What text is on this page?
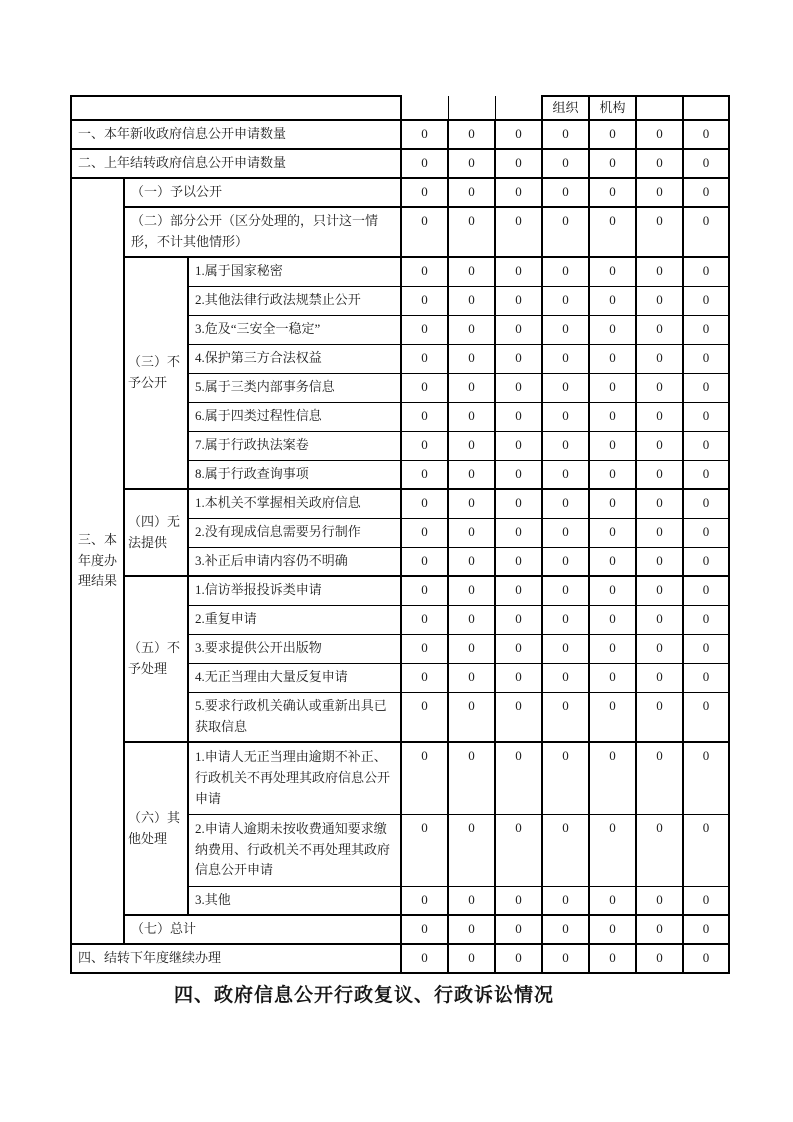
						组织	机构		
一、本年新收政府信息公开申请数量			0	0	0	0	0	0	0
二、上年结转政府信息公开申请数量			0	0	0	0	0	0	0
三、本年度办理结果	（一）予以公开		0	0	0	0	0	0	0
	（二）部分公开（区分处理的，只计这一情形，不计其他情形）		0	0	0	0	0	0	0
	（三）不予公开	1.属于国家秘密	0	0	0	0	0	0	0
		2.其他法律行政法规禁止公开	0	0	0	0	0	0	0
		3.危及“三安全一稳定”	0	0	0	0	0	0	0
		4.保护第三方合法权益	0	0	0	0	0	0	0
		5.属于三类内部事务信息	0	0	0	0	0	0	0
		6.属于四类过程性信息	0	0	0	0	0	0	0
		7.属于行政执法案卷	0	0	0	0	0	0	0
		8.属于行政查询事项	0	0	0	0	0	0	0
	（四）无法提供	1.本机关不掌握相关政府信息	0	0	0	0	0	0	0
		2.没有现成信息需要另行制作	0	0	0	0	0	0	0
		3.补正后申请内容仍不明确	0	0	0	0	0	0	0
	（五）不予处理	1.信访举报投诉类申请	0	0	0	0	0	0	0
		2.重复申请	0	0	0	0	0	0	0
		3.要求提供公开出版物	0	0	0	0	0	0	0
		4.无正当理由大量反复申请	0	0	0	0	0	0	0
		5.要求行政机关确认或重新出具已获取信息	0	0	0	0	0	0	0
	（六）其他处理	1.申请人无正当理由逾期不补正、行政机关不再处理其政府信息公开申请	0	0	0	0	0	0	0
		2.申请人逾期未按收费通知要求缴纳费用、行政机关不再处理其政府信息公开申请	0	0	0	0	0	0	0
		3.其他	0	0	0	0	0	0	0
	（七）总计		0	0	0	0	0	0	0
四、结转下年度继续办理			0	0	0	0	0	0	0
四、政府信息公开行政复议、行政诉讼情况
